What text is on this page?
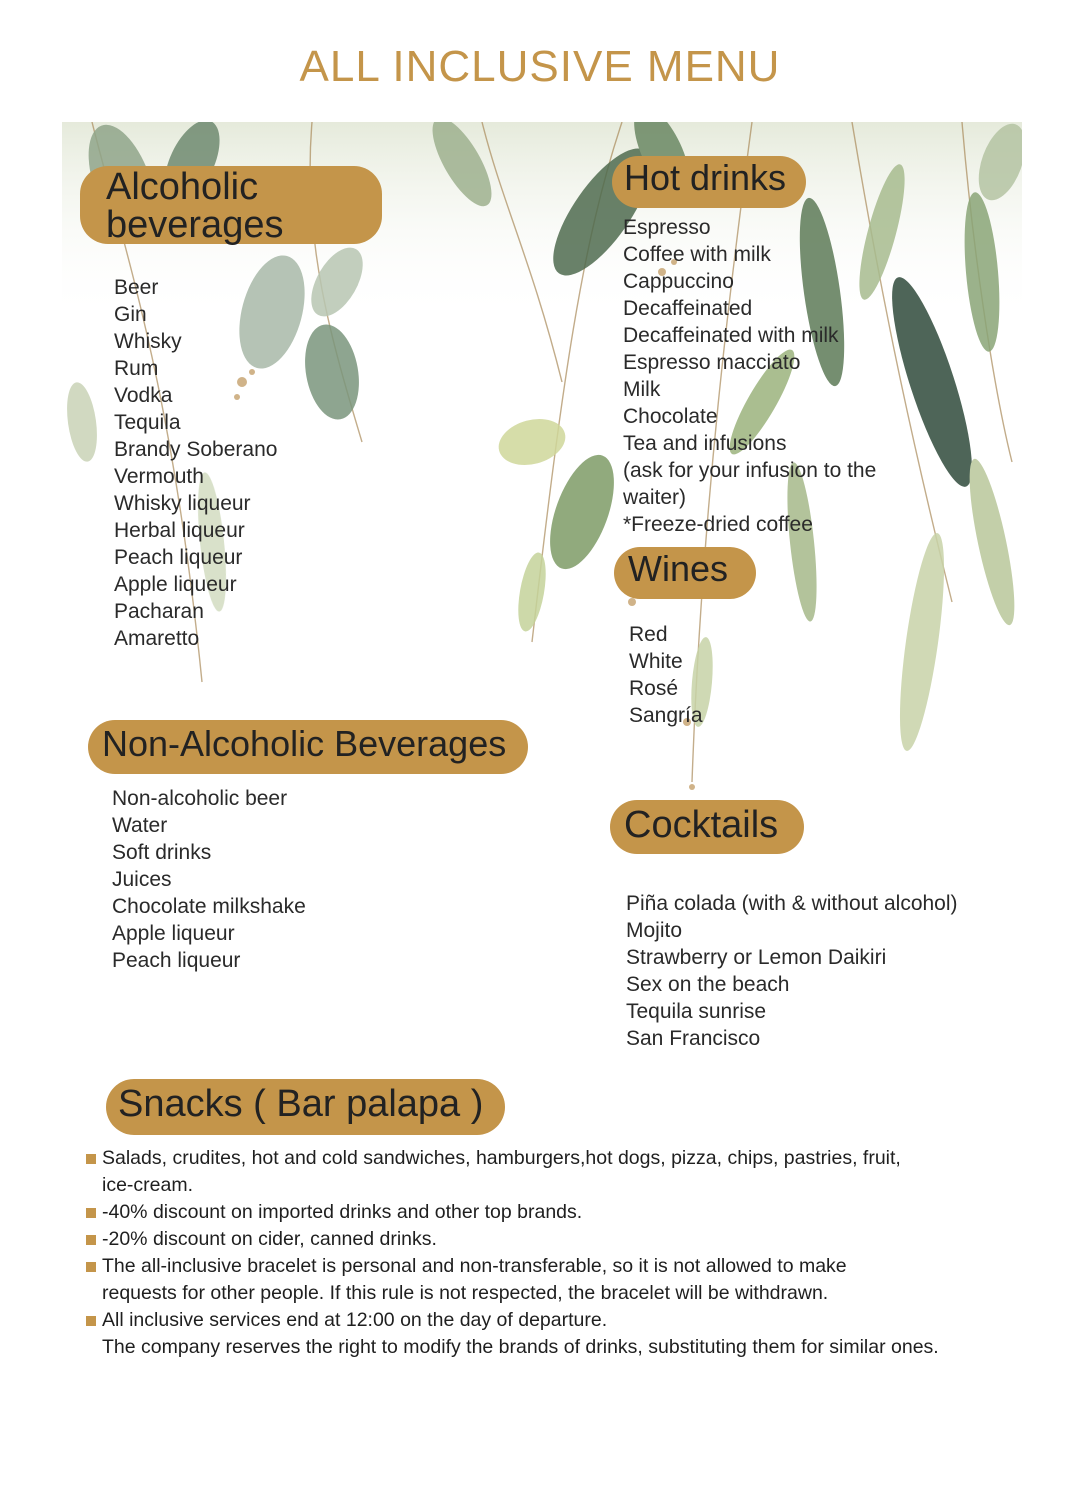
ALL INCLUSIVE MENU
Alcoholic
beverages
Beer
Gin
Whisky
Rum
Vodka
Tequila
Brandy Soberano
Vermouth
Whisky liqueur
Herbal liqueur
Peach liqueur
Apple liqueur
Pacharan
Amaretto
Hot drinks
Espresso
Coffee with milk
Cappuccino
Decaffeinated
Decaffeinated with milk
Espresso macciato
Milk
Chocolate
Tea and infusions
(ask for your infusion to the
waiter)
*Freeze-dried coffee
Wines
Red
White
Rosé
Sangría
Non-Alcoholic Beverages
Non-alcoholic beer
Water
Soft drinks
Juices
Chocolate milkshake
Apple liqueur
Peach liqueur
Cocktails
Piña colada (with & without alcohol)
Mojito
Strawberry or Lemon Daikiri
Sex on the beach
Tequila sunrise
San Francisco
Snacks ( Bar palapa )
Salads, crudites, hot and cold sandwiches, hamburgers,hot dogs, pizza, chips, pastries, fruit,
ice-cream.
-40% discount on imported drinks and other top brands.
-20% discount on cider, canned drinks.
The all-inclusive bracelet is personal and non-transferable, so it is not allowed to make
requests for other people. If this rule is not respected, the bracelet will be withdrawn.
All inclusive services end at 12:00 on the day of departure.

The company reserves the right to modify the brands of drinks, substituting them for similar ones.
